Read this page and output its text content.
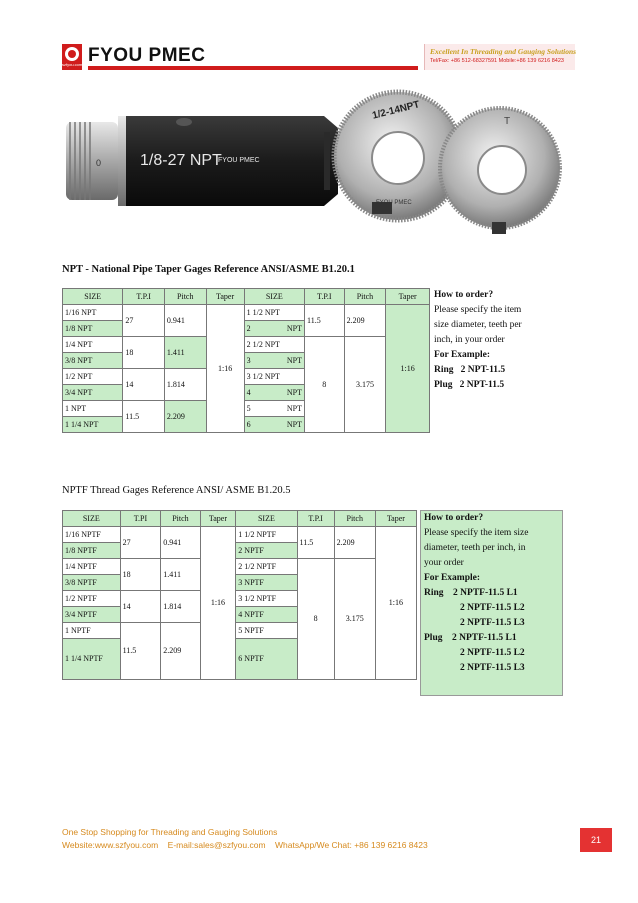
szfyou.com FYOU PMEC	Excellent In Threading and Gauging Solutions
Tel/Fax: +86 512-68327591 Mobile:+86 139 6216 8423
0 1/8-27 NPT
FYOU PMEC
1/2-14NPT
FYOU PMEC
T
NPT - National Pipe Taper Gages Reference ANSI/ASME B1.20.1
SIZE	T.P.I	Pitch	Taper	SIZE	T.P.I	Pitch	Taper
1/16 NPT	27	0.941	1:16	1 1/2 NPT	11.5	2.209	1:16
1/8 NPT				2 NPT			

1/4 NPT	18	1.411		2 1/2 NPT	8	3.175	
3/8 NPT				3 NPT			

1/2 NPT	14	1.814		3 1/2 NPT			
3/4 NPT				4 NPT			

1 NPT	11.5	2.209		5 NPT			

1 1/4 NPT				6 NPT			
How to order?
Please specify the item
size diameter, teeth per
inch, in your order
For Example:
Ring   2 NPT-11.5
Plug   2 NPT-11.5
NPTF Thread Gages Reference ANSI/ ASME B1.20.5
SIZE	T.PI	Pitch	Taper	SIZE	T.P.I	Pitch	Taper
1/16 NPTF	27	0.941	1:16	1 1/2 NPTF	11.5	2.209	1:16
1/8 NPTF				2 NPTF			
1/4 NPTF	18	1.411		2 1/2 NPTF	8	3.175	
3/8 NPTF				3 NPTF			
1/2 NPTF	14	1.814		3 1/2 NPTF			
3/4 NPTF				4 NPTF			
1 NPTF	11.5	2.209		5 NPTF			
1 1/4 NPTF				6 NPTF			

How to order?
Please specify the item size
diameter, teeth per inch, in
your order
For Example:
Ring    2 NPTF-11.5 L1
2 NPTF-11.5 L2
2 NPTF-11.5 L3
Plug    2 NPTF-11.5 L1
2 NPTF-11.5 L2
2 NPTF-11.5 L3
One Stop Shopping for Threading and Gauging Solutions
Website:www.szfyou.com    E-mail:sales@szfyou.com    WhatsApp/We Chat: +86 139 6216 8423	21
